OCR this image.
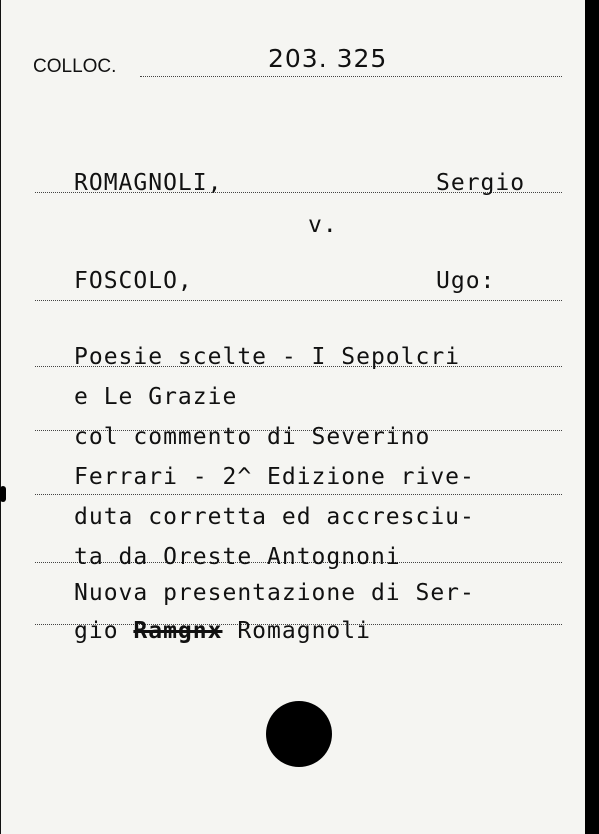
COLLOC.	203. 325
ROMAGNOLI,	Sergio
v.
FOSCOLO,	Ugo:
Poesie scelte - I Sepolcri
e Le Grazie
col commento di Severino
Ferrari - 2^ Edizione rive-
duta corretta ed accresciu-
ta da Oreste Antognoni
Nuova presentazione di Ser-
gio Ramgnx Romagnoli
